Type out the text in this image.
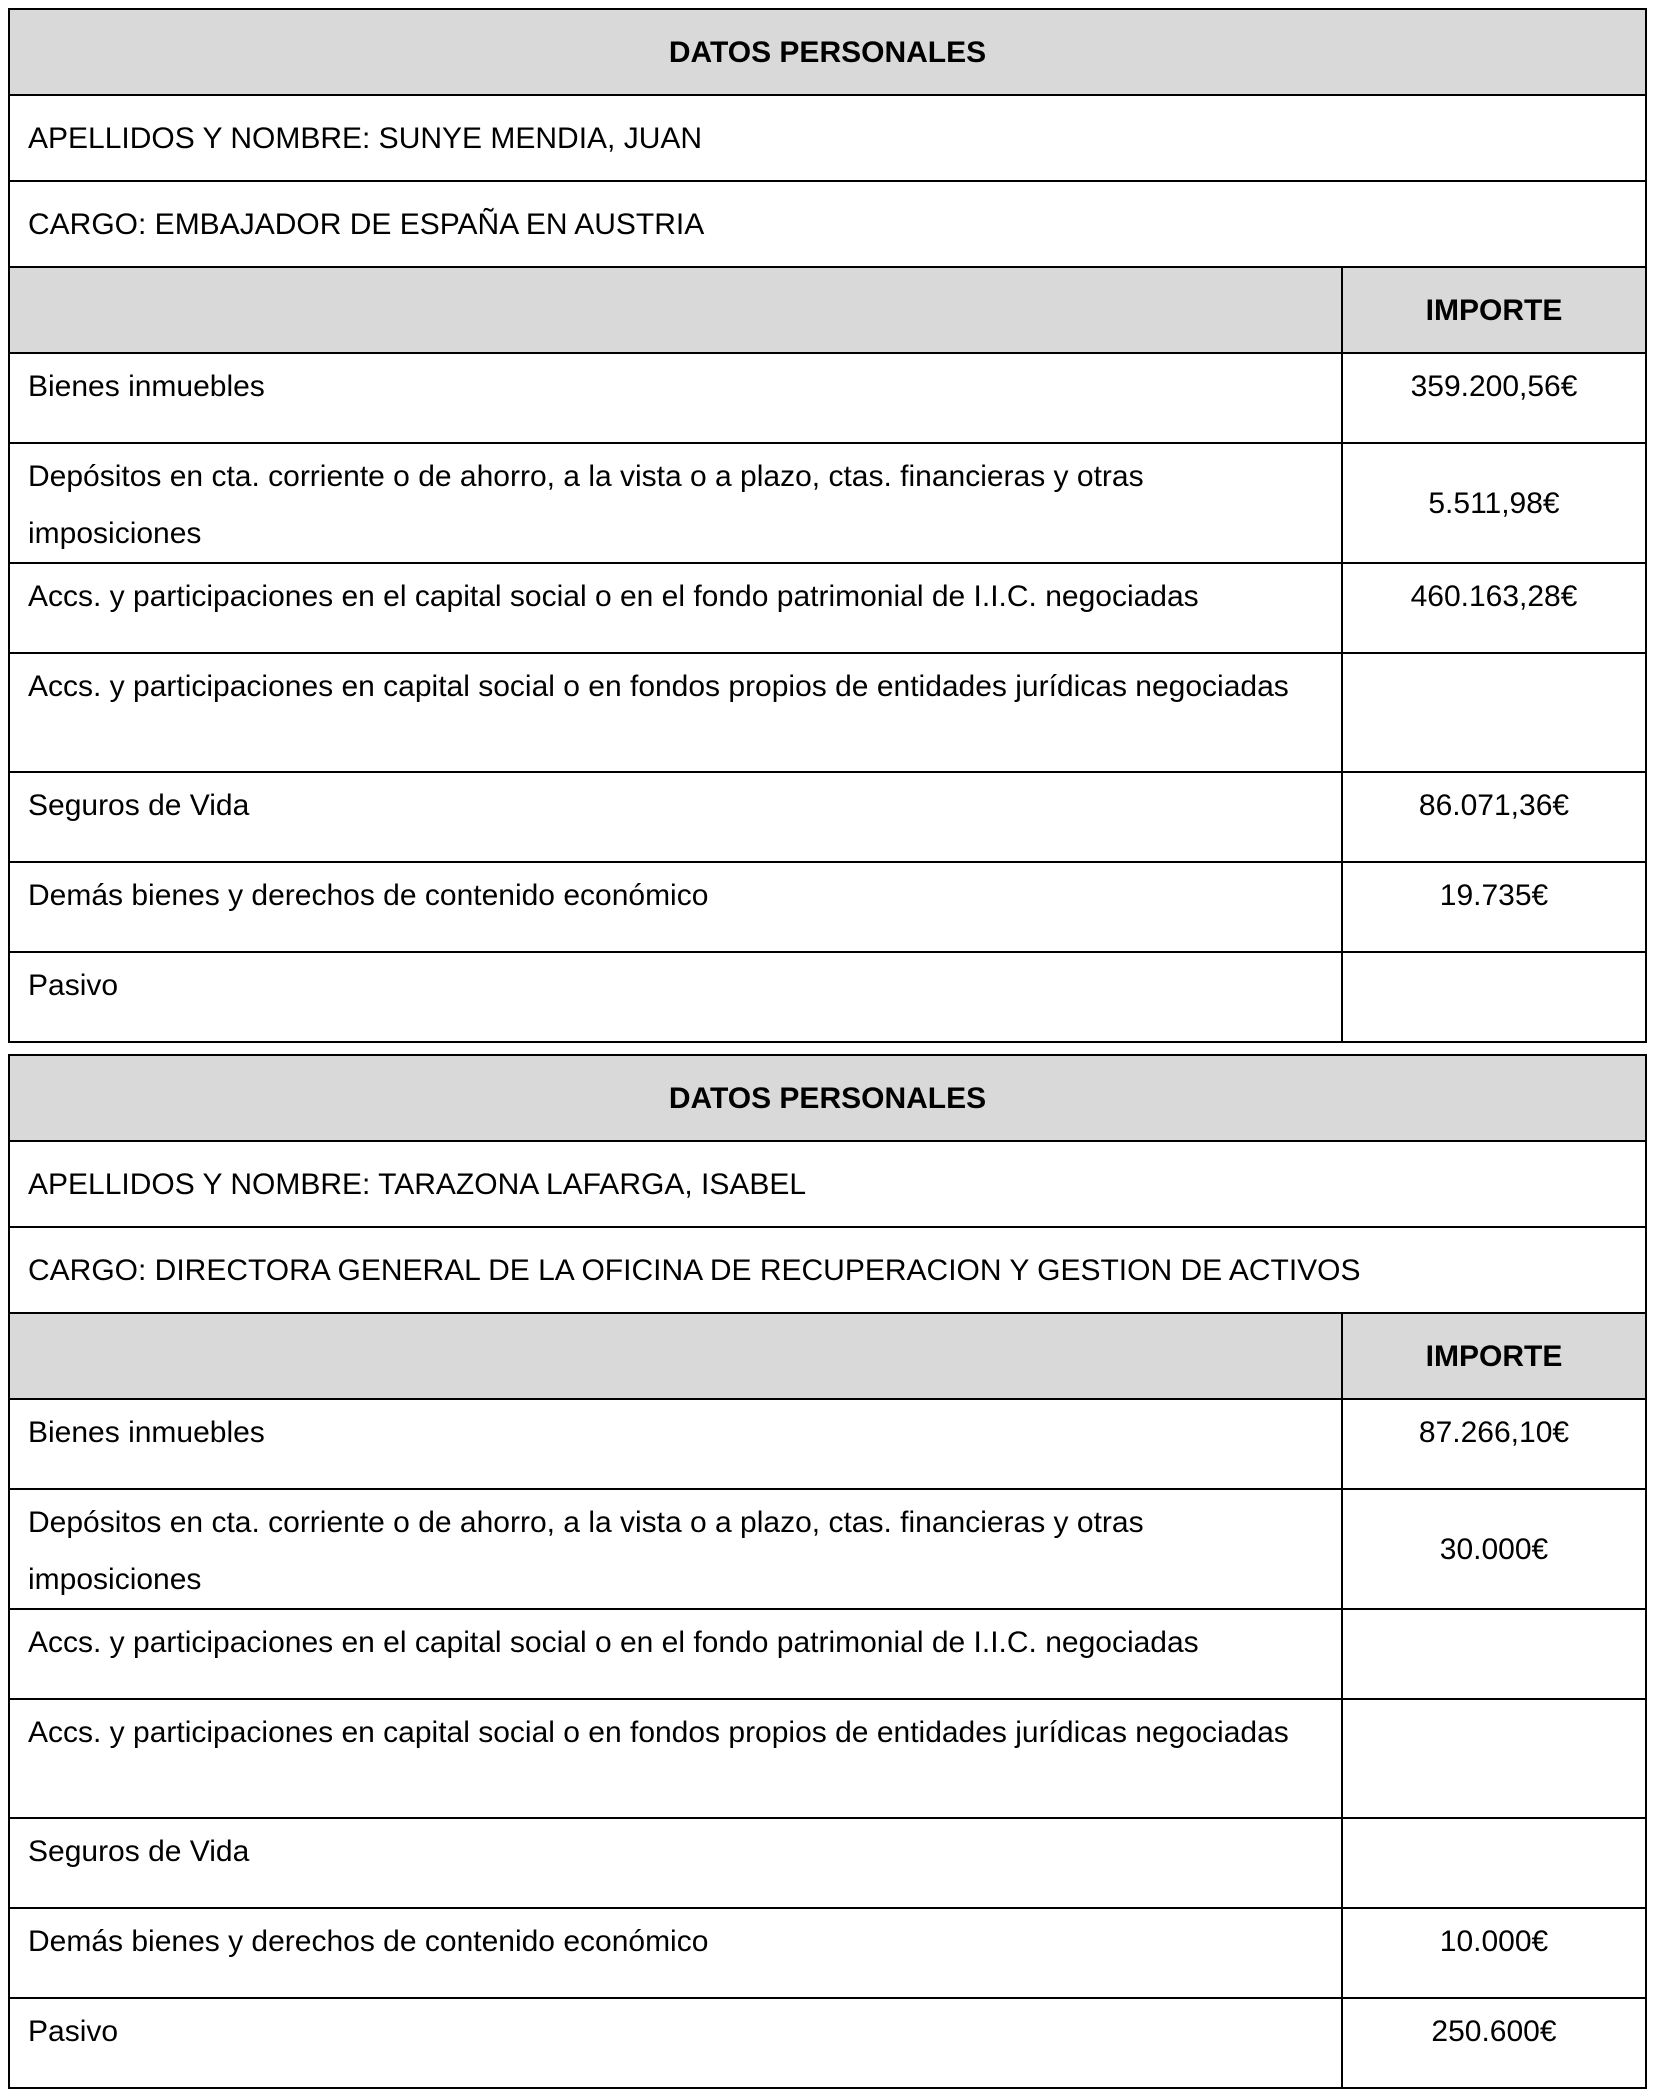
DATOS PERSONALES	
APELLIDOS Y NOMBRE: SUNYE MENDIA, JUAN	
CARGO: EMBAJADOR DE ESPAÑA EN AUSTRIA	
	IMPORTE
Bienes inmuebles	359.200,56€
Depósitos en cta. corriente o de ahorro, a la vista o a plazo, ctas. financieras y otras imposiciones	5.511,98€
Accs. y participaciones en el capital social o en el fondo patrimonial de I.I.C. negociadas	460.163,28€
Accs. y participaciones en capital social o en fondos propios de entidades jurídicas negociadas	
Seguros de Vida	86.071,36€
Demás bienes y derechos de contenido económico	19.735€
Pasivo	
DATOS PERSONALES	
APELLIDOS Y NOMBRE: TARAZONA LAFARGA, ISABEL	
CARGO: DIRECTORA GENERAL DE LA OFICINA DE RECUPERACION Y GESTION DE ACTIVOS	
	IMPORTE
Bienes inmuebles	87.266,10€
Depósitos en cta. corriente o de ahorro, a la vista o a plazo, ctas. financieras y otras imposiciones	30.000€
Accs. y participaciones en el capital social o en el fondo patrimonial de I.I.C. negociadas	
Accs. y participaciones en capital social o en fondos propios de entidades jurídicas negociadas	
Seguros de Vida	
Demás bienes y derechos de contenido económico	10.000€
Pasivo	250.600€
